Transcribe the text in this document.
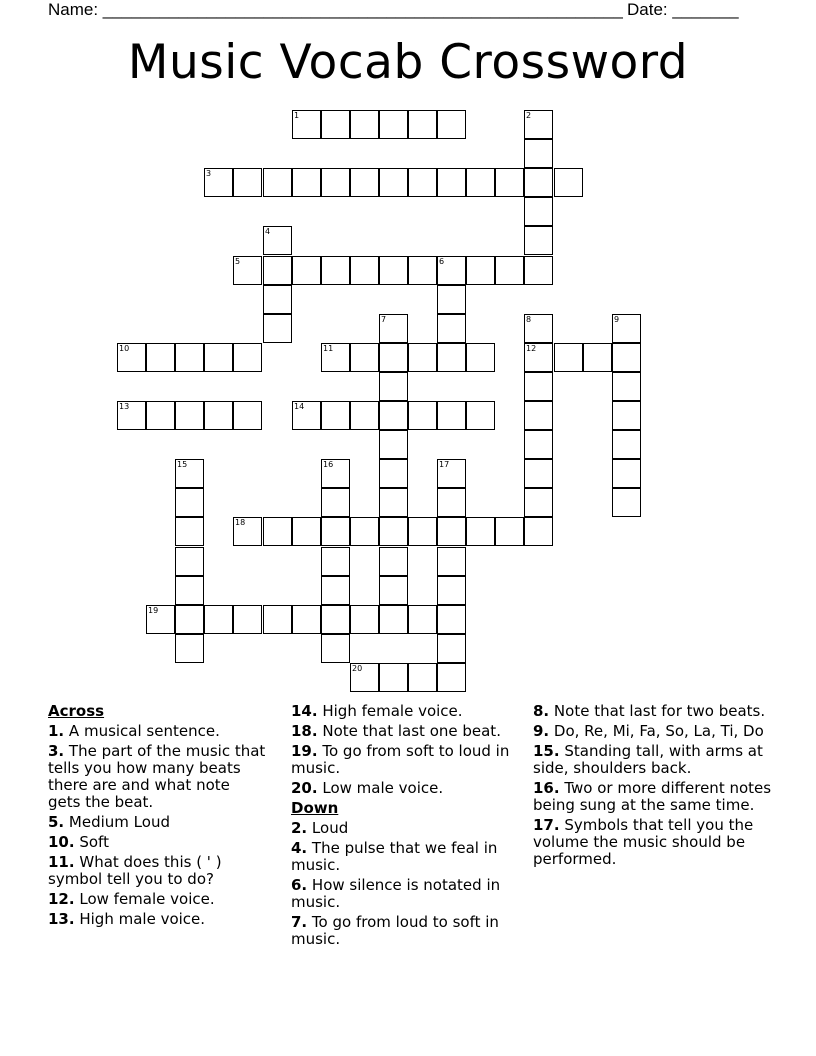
Name: _______________________________________________________ Date: _______
Music Vocab Crossword
1	2
3
4
5	6
7	8	9
10	11	12
13	14
15	16	17
18
19
20
Across
1. A musical sentence.
3. The part of the music that tells you how many beats there are and what note gets the beat.
5. Medium Loud
10. Soft
11. What does this ( ' ) symbol tell you to do?
12. Low female voice.
13. High male voice.
14. High female voice.
18. Note that last one beat.
19. To go from soft to loud in music.
20. Low male voice.
Down
2. Loud
4. The pulse that we feal in music.
6. How silence is notated in music.
7. To go from loud to soft in music.
8. Note that last for two beats.
9. Do, Re, Mi, Fa, So, La, Ti, Do
15. Standing tall, with arms at side, shoulders back.
16. Two or more different notes being sung at the same time.
17. Symbols that tell you the volume the music should be performed.
